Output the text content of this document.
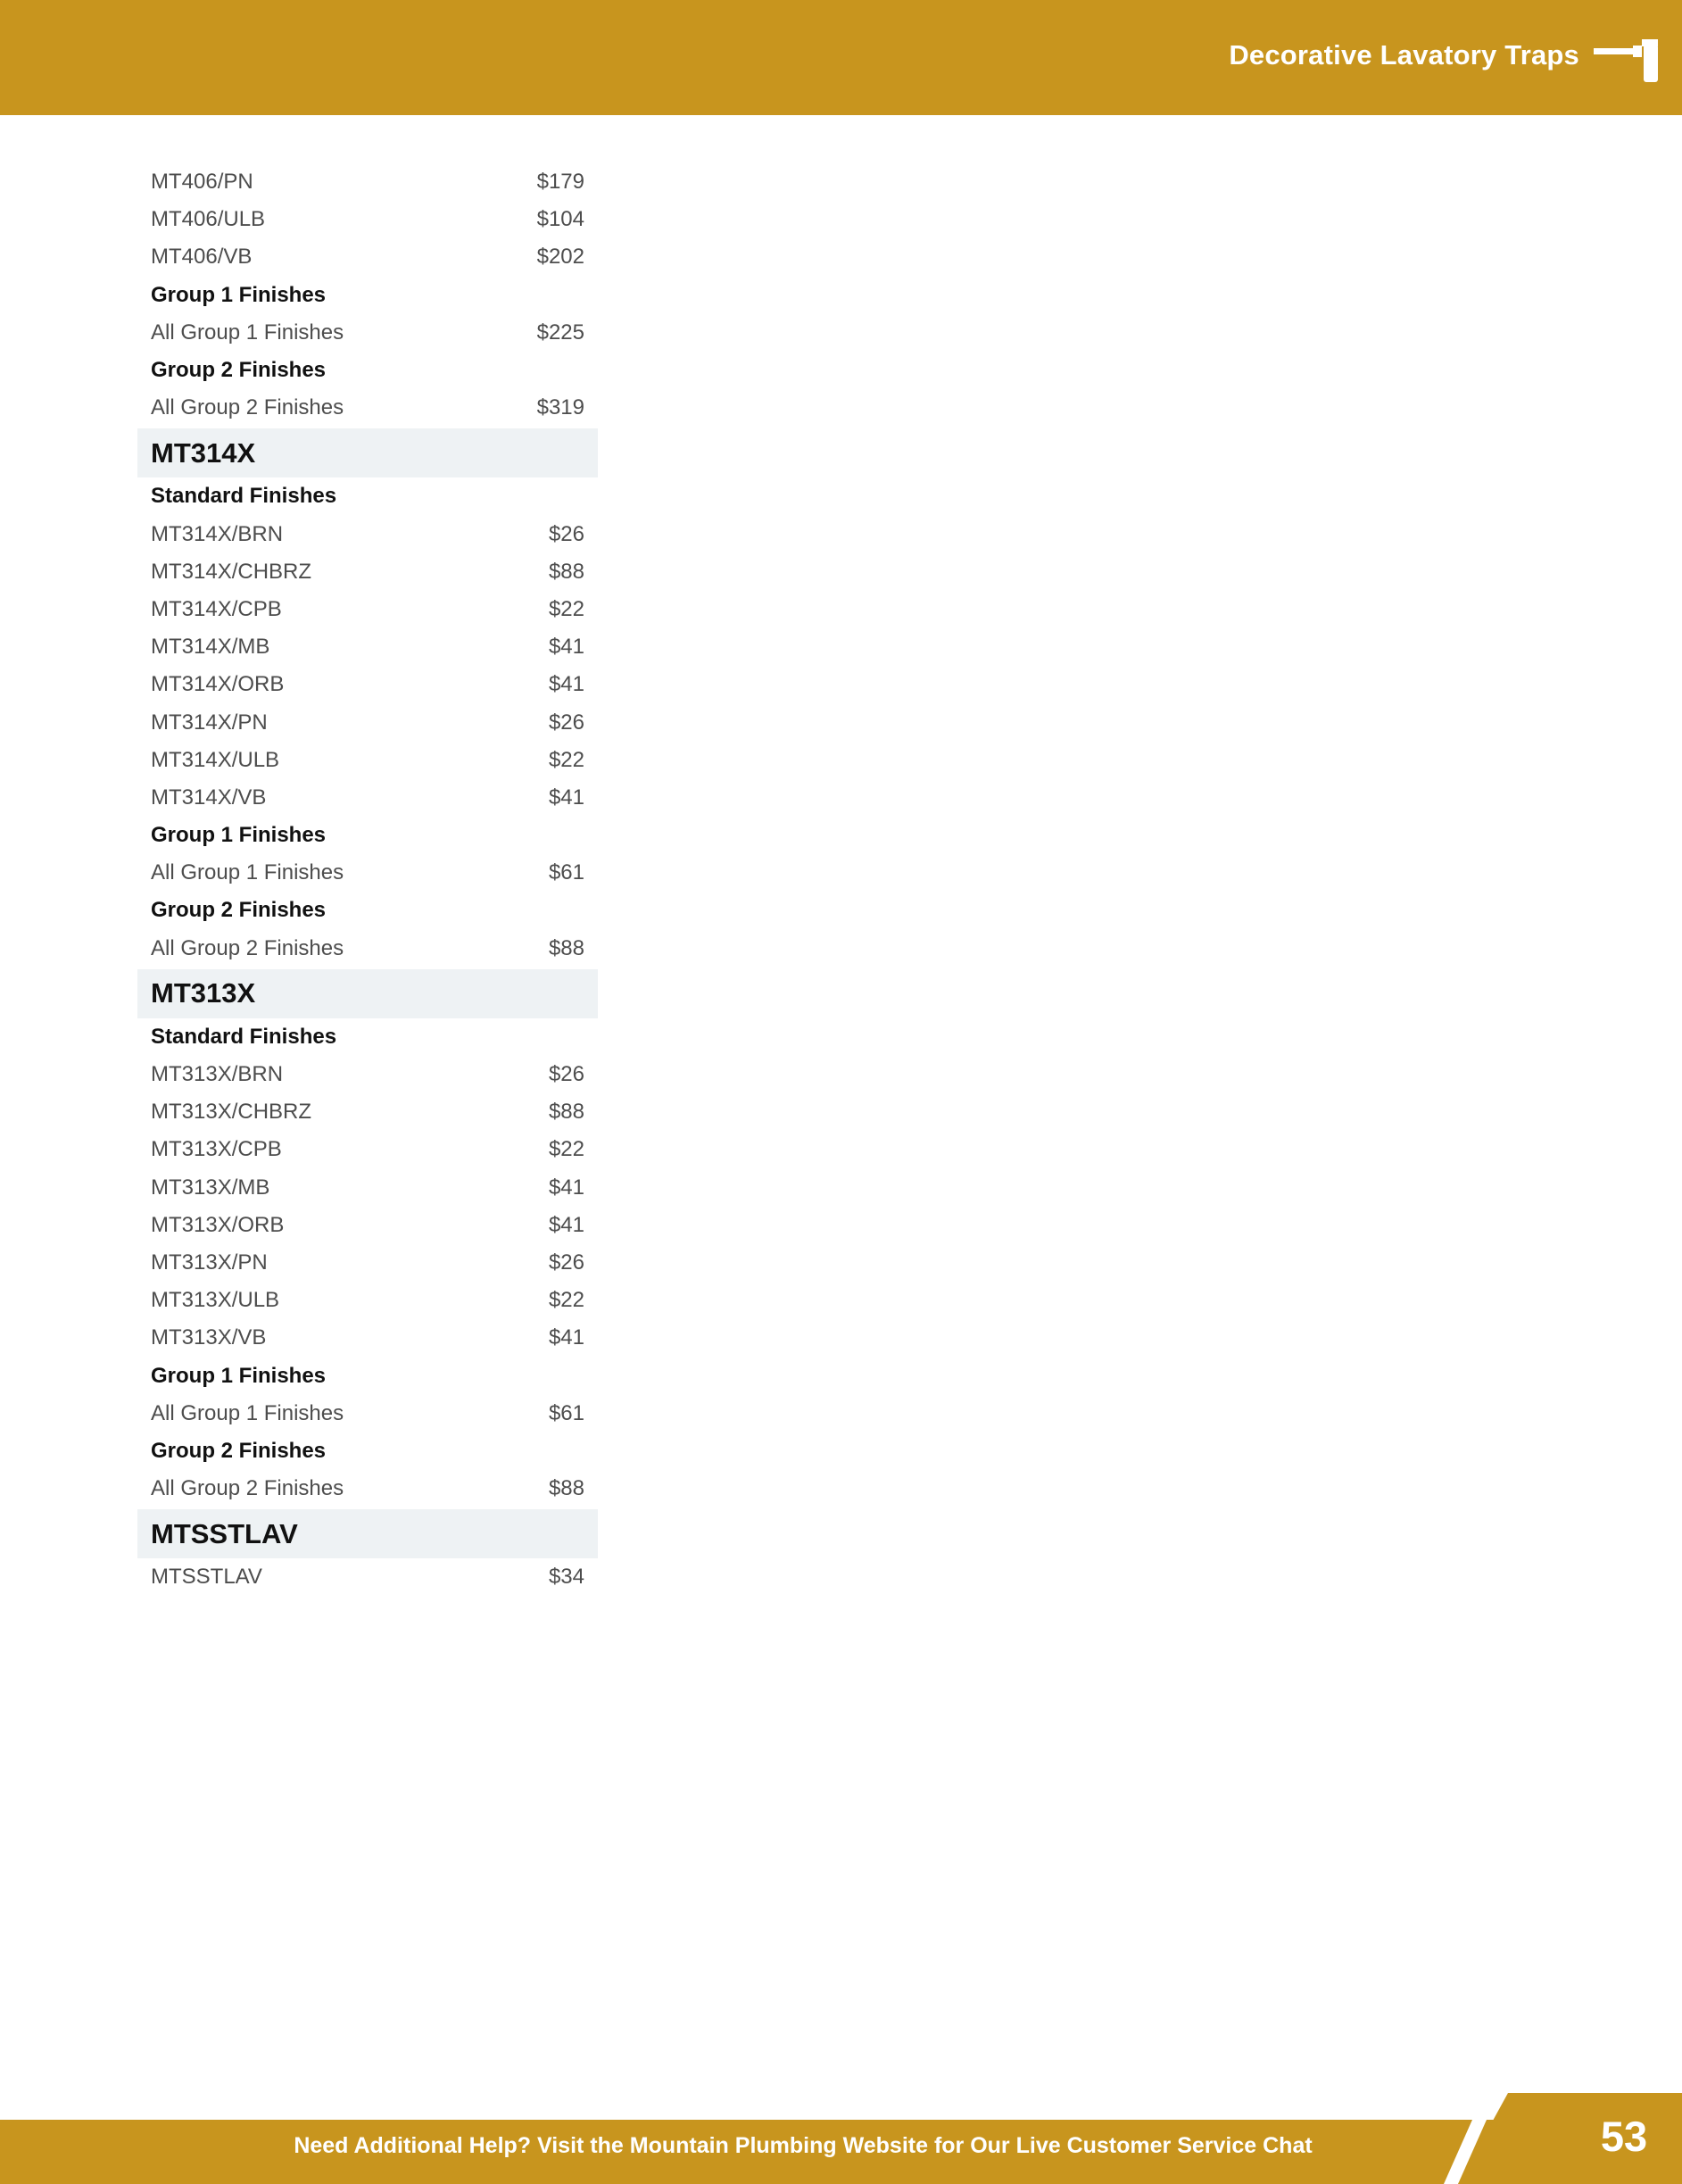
Decorative Lavatory Traps
MT406/PN	$179
MT406/ULB	$104
MT406/VB	$202
Group 1 Finishes
All Group 1 Finishes	$225
Group 2 Finishes
All Group 2 Finishes	$319
MT314X
Standard Finishes
MT314X/BRN	$26
MT314X/CHBRZ	$88
MT314X/CPB	$22
MT314X/MB	$41
MT314X/ORB	$41
MT314X/PN	$26
MT314X/ULB	$22
MT314X/VB	$41
Group 1 Finishes
All Group 1 Finishes	$61
Group 2 Finishes
All Group 2 Finishes	$88
MT313X
Standard Finishes
MT313X/BRN	$26
MT313X/CHBRZ	$88
MT313X/CPB	$22
MT313X/MB	$41
MT313X/ORB	$41
MT313X/PN	$26
MT313X/ULB	$22
MT313X/VB	$41
Group 1 Finishes
All Group 1 Finishes	$61
Group 2 Finishes
All Group 2 Finishes	$88
MTSSTLAV
MTSSTLAV	$34
Need Additional Help? Visit the Mountain Plumbing Website for Our Live Customer Service Chat	53
